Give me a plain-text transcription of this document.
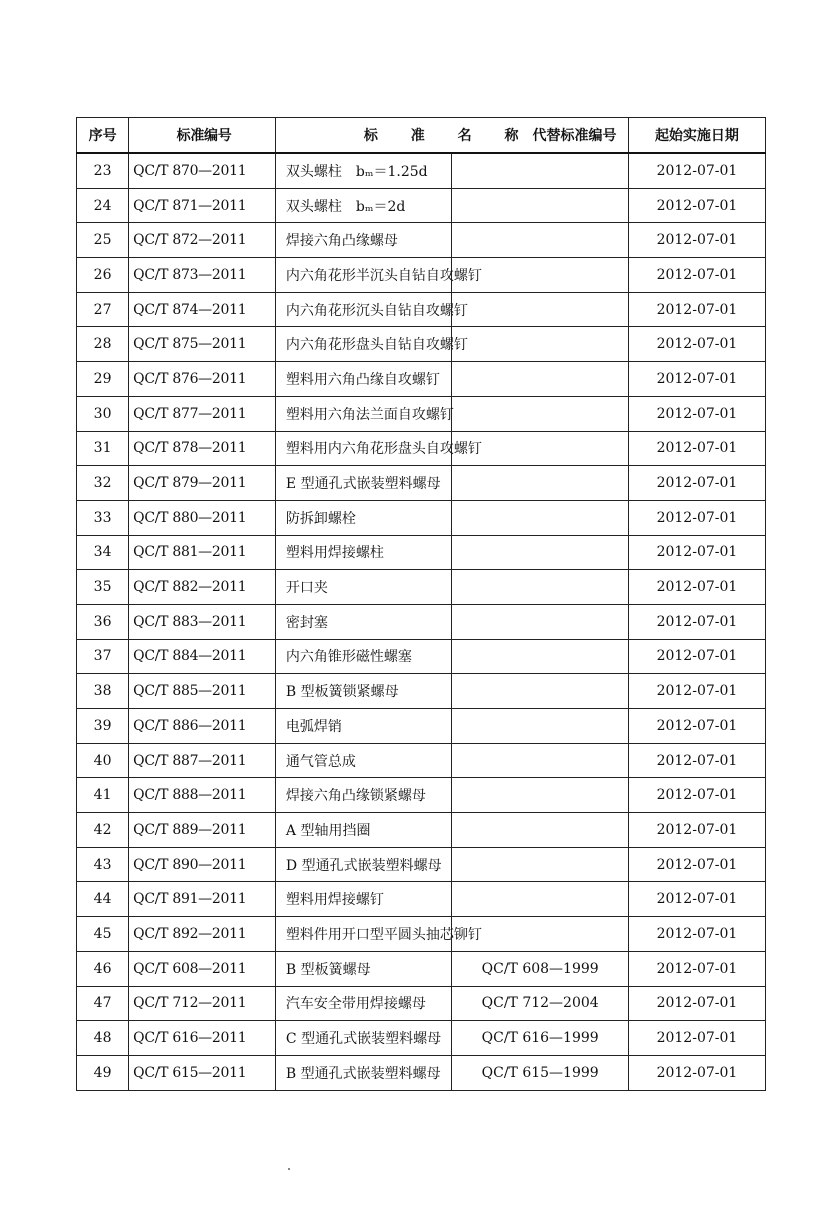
序号	标准编号	标 准 名 称 代替标准编号		起始实施日期
23	QC/T 870—2011	双头螺柱　bₘ＝1.25d		2012-07-01
24	QC/T 871—2011	双头螺柱　bₘ＝2d		2012-07-01
25	QC/T 872—2011	焊接六角凸缘螺母		2012-07-01
26	QC/T 873—2011	内六角花形半沉头自钻自攻螺钉		2012-07-01
27	QC/T 874—2011	内六角花形沉头自钻自攻螺钉		2012-07-01
28	QC/T 875—2011	内六角花形盘头自钻自攻螺钉		2012-07-01
29	QC/T 876—2011	塑料用六角凸缘自攻螺钉		2012-07-01
30	QC/T 877—2011	塑料用六角法兰面自攻螺钉		2012-07-01
31	QC/T 878—2011	塑料用内六角花形盘头自攻螺钉		2012-07-01
32	QC/T 879—2011	E 型通孔式嵌装塑料螺母		2012-07-01
33	QC/T 880—2011	防拆卸螺栓		2012-07-01
34	QC/T 881—2011	塑料用焊接螺柱		2012-07-01
35	QC/T 882—2011	开口夹		2012-07-01
36	QC/T 883—2011	密封塞		2012-07-01
37	QC/T 884—2011	内六角锥形磁性螺塞		2012-07-01
38	QC/T 885—2011	B 型板簧锁紧螺母		2012-07-01
39	QC/T 886—2011	电弧焊销		2012-07-01
40	QC/T 887—2011	通气管总成		2012-07-01
41	QC/T 888—2011	焊接六角凸缘锁紧螺母		2012-07-01
42	QC/T 889—2011	A 型轴用挡圈		2012-07-01
43	QC/T 890—2011	D 型通孔式嵌装塑料螺母		2012-07-01
44	QC/T 891—2011	塑料用焊接螺钉		2012-07-01
45	QC/T 892—2011	塑料件用开口型平圆头抽芯铆钉		2012-07-01
46	QC/T 608—2011	B 型板簧螺母	QC/T 608—1999	2012-07-01
47	QC/T 712—2011	汽车安全带用焊接螺母	QC/T 712—2004	2012-07-01
48	QC/T 616—2011	C 型通孔式嵌装塑料螺母	QC/T 616—1999	2012-07-01
49	QC/T 615—2011	B 型通孔式嵌装塑料螺母	QC/T 615—1999	2012-07-01
